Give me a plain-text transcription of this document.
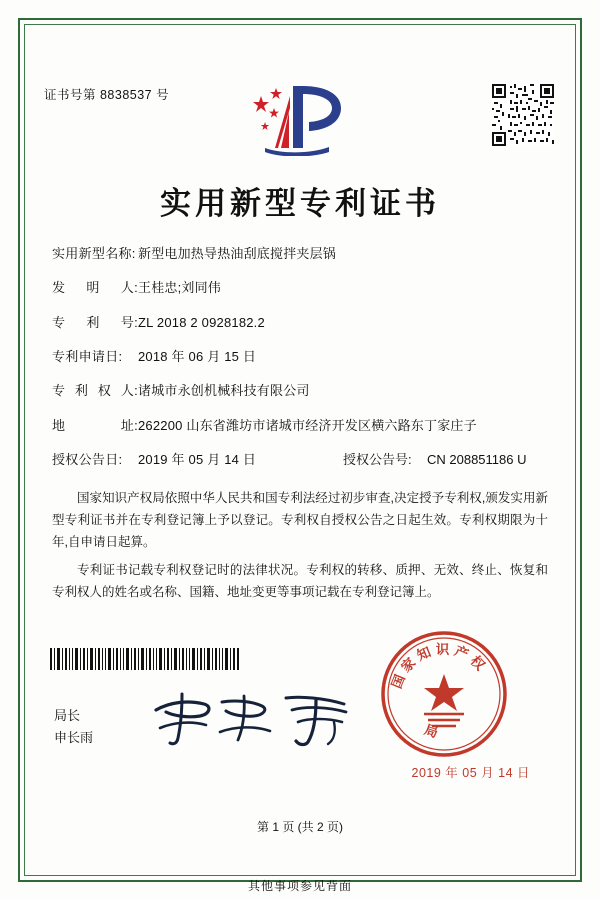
证书号第 8838537 号
实用新型专利证书
实用新型名称: 新型电加热导热油刮底搅拌夹层锅
发 明 人: 王桂忠;刘同伟
专 利 号: ZL 2018 2 0928182.2
专利申请日:	2018 年 06 月 15 日
专 利 权 人: 诸城市永创机械科技有限公司
地	址: 262200 山东省潍坊市诸城市经济开发区横六路东丁家庄子
授权公告日:	2019 年 05 月 14 日	授权公告号:	CN 208851186 U

国家知识产权局依照中华人民共和国专利法经过初步审查,决定授予专利权,颁发实用新型专利证书并在专利登记簿上予以登记。专利权自授权公告之日起生效。专利权期限为十年,自申请日起算。

专利证书记载专利权登记时的法律状况。专利权的转移、质押、无效、终止、恢复和专利权人的姓名或名称、国籍、地址变更等事项记载在专利登记簿上。

局长
申长雨
国家知识产权
局
2019 年 05 月 14 日
第 1 页 (共 2 页)
其他事项参见背面
